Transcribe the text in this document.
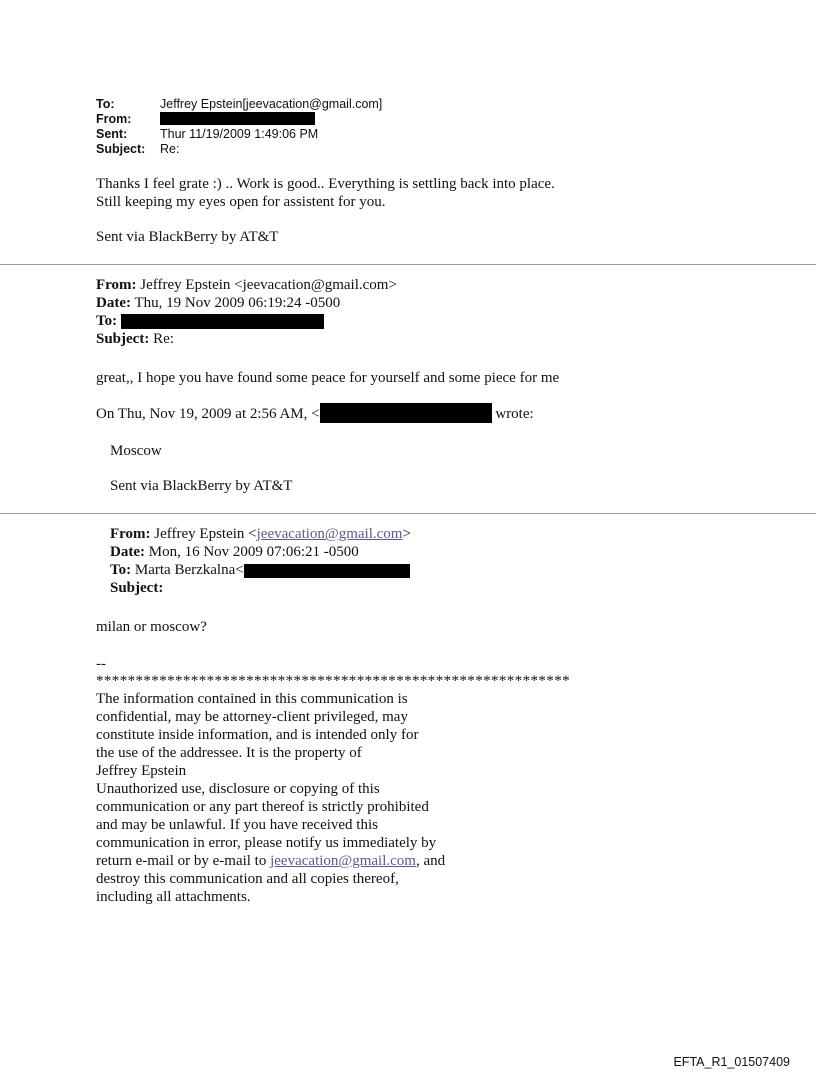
To:	Jeffrey Epstein[jeevacation@gmail.com]
From:
Sent:	Thur 11/19/2009 1:49:06 PM
Subject:	Re:
Thanks I feel grate :) .. Work is good.. Everything is settling back into place.
Still keeping my eyes open for assistent for you.
Sent via BlackBerry by AT&T
From: Jeffrey Epstein <jeevacation@gmail.com>
Date: Thu, 19 Nov 2009 06:19:24 -0500
To:
Subject: Re:
great,, I hope you have found some peace for yourself and some piece for me
On Thu, Nov 19, 2009 at 2:56 AM, <	wrote:
Moscow
Sent via BlackBerry by AT&T
From: Jeffrey Epstein <jeevacation@gmail.com>
Date: Mon, 16 Nov 2009 07:06:21 -0500
To: Marta Berzkalna<
Subject:
milan or moscow?
--
************************************************************
The information contained in this communication is
confidential, may be attorney-client privileged, may
constitute inside information, and is intended only for
the use of the addressee. It is the property of
Jeffrey Epstein
Unauthorized use, disclosure or copying of this
communication or any part thereof is strictly prohibited
and may be unlawful. If you have received this
communication in error, please notify us immediately by
return e-mail or by e-mail to jeevacation@gmail.com, and
destroy this communication and all copies thereof,
including all attachments.
EFTA_R1_01507409
